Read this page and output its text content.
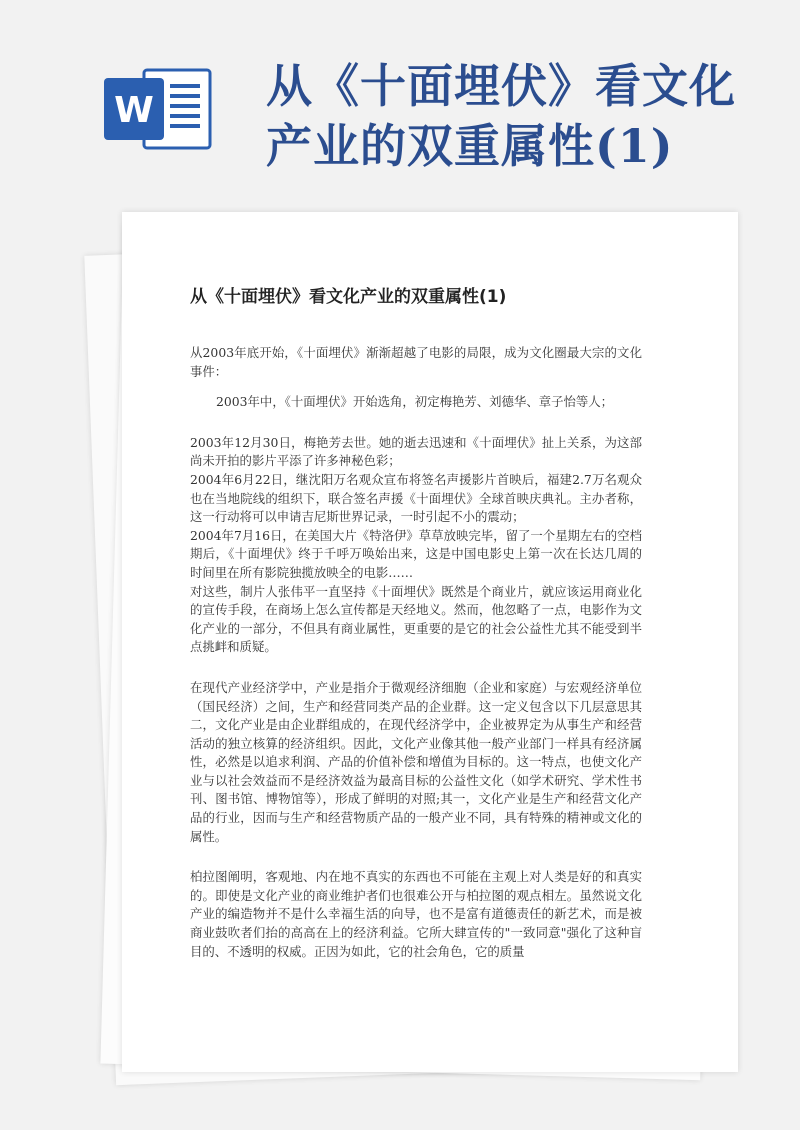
W 从《十面埋伏》看文化
产业的双重属性(1)
从《十面埋伏》看文化产业的双重属性(1)

从2003年底开始，《十面埋伏》渐渐超越了电影的局限，成为文化圈最大宗的文化事件：

2003年中，《十面埋伏》开始选角，初定梅艳芳、刘德华、章子怡等人；

2003年12月30日，梅艳芳去世。她的逝去迅速和《十面埋伏》扯上关系，为这部尚未开拍的影片平添了许多神秘色彩；

2004年6月22日，继沈阳万名观众宣布将签名声援影片首映后，福建2.7万名观众也在当地院线的组织下，联合签名声援《十面埋伏》全球首映庆典礼。主办者称，这一行动将可以申请吉尼斯世界记录，一时引起不小的震动；

2004年7月16日，在美国大片《特洛伊》草草放映完毕，留了一个星期左右的空档期后，《十面埋伏》终于千呼万唤始出来，这是中国电影史上第一次在长达几周的时间里在所有影院独揽放映全的电影……

对这些，制片人张伟平一直坚持《十面埋伏》既然是个商业片，就应该运用商业化的宣传手段，在商场上怎么宣传都是天经地义。然而，他忽略了一点，电影作为文化产业的一部分，不但具有商业属性，更重要的是它的社会公益性尤其不能受到半点挑衅和质疑。

在现代产业经济学中，产业是指介于微观经济细胞（企业和家庭）与宏观经济单位（国民经济）之间，生产和经营同类产品的企业群。这一定义包含以下几层意思其二，文化产业是由企业群组成的，在现代经济学中，企业被界定为从事生产和经营活动的独立核算的经济组织。因此，文化产业像其他一般产业部门一样具有经济属性，必然是以追求利润、产品的价值补偿和增值为目标的。这一特点，也使文化产业与以社会效益而不是经济效益为最高目标的公益性文化（如学术研究、学术性书刊、图书馆、博物馆等），形成了鲜明的对照;其一，文化产业是生产和经营文化产品的行业，因而与生产和经营物质产品的一般产业不同，具有特殊的精神或文化的属性。

柏拉图阐明，客观地、内在地不真实的东西也不可能在主观上对人类是好的和真实的。即使是文化产业的商业维护者们也很难公开与柏拉图的观点相左。虽然说文化产业的编造物并不是什么幸福生活的向导，也不是富有道德责任的新艺术，而是被商业鼓吹者们抬的高高在上的经济利益。它所大肆宣传的"一致同意"强化了这种盲目的、不透明的权威。正因为如此，它的社会角色，它的质量
